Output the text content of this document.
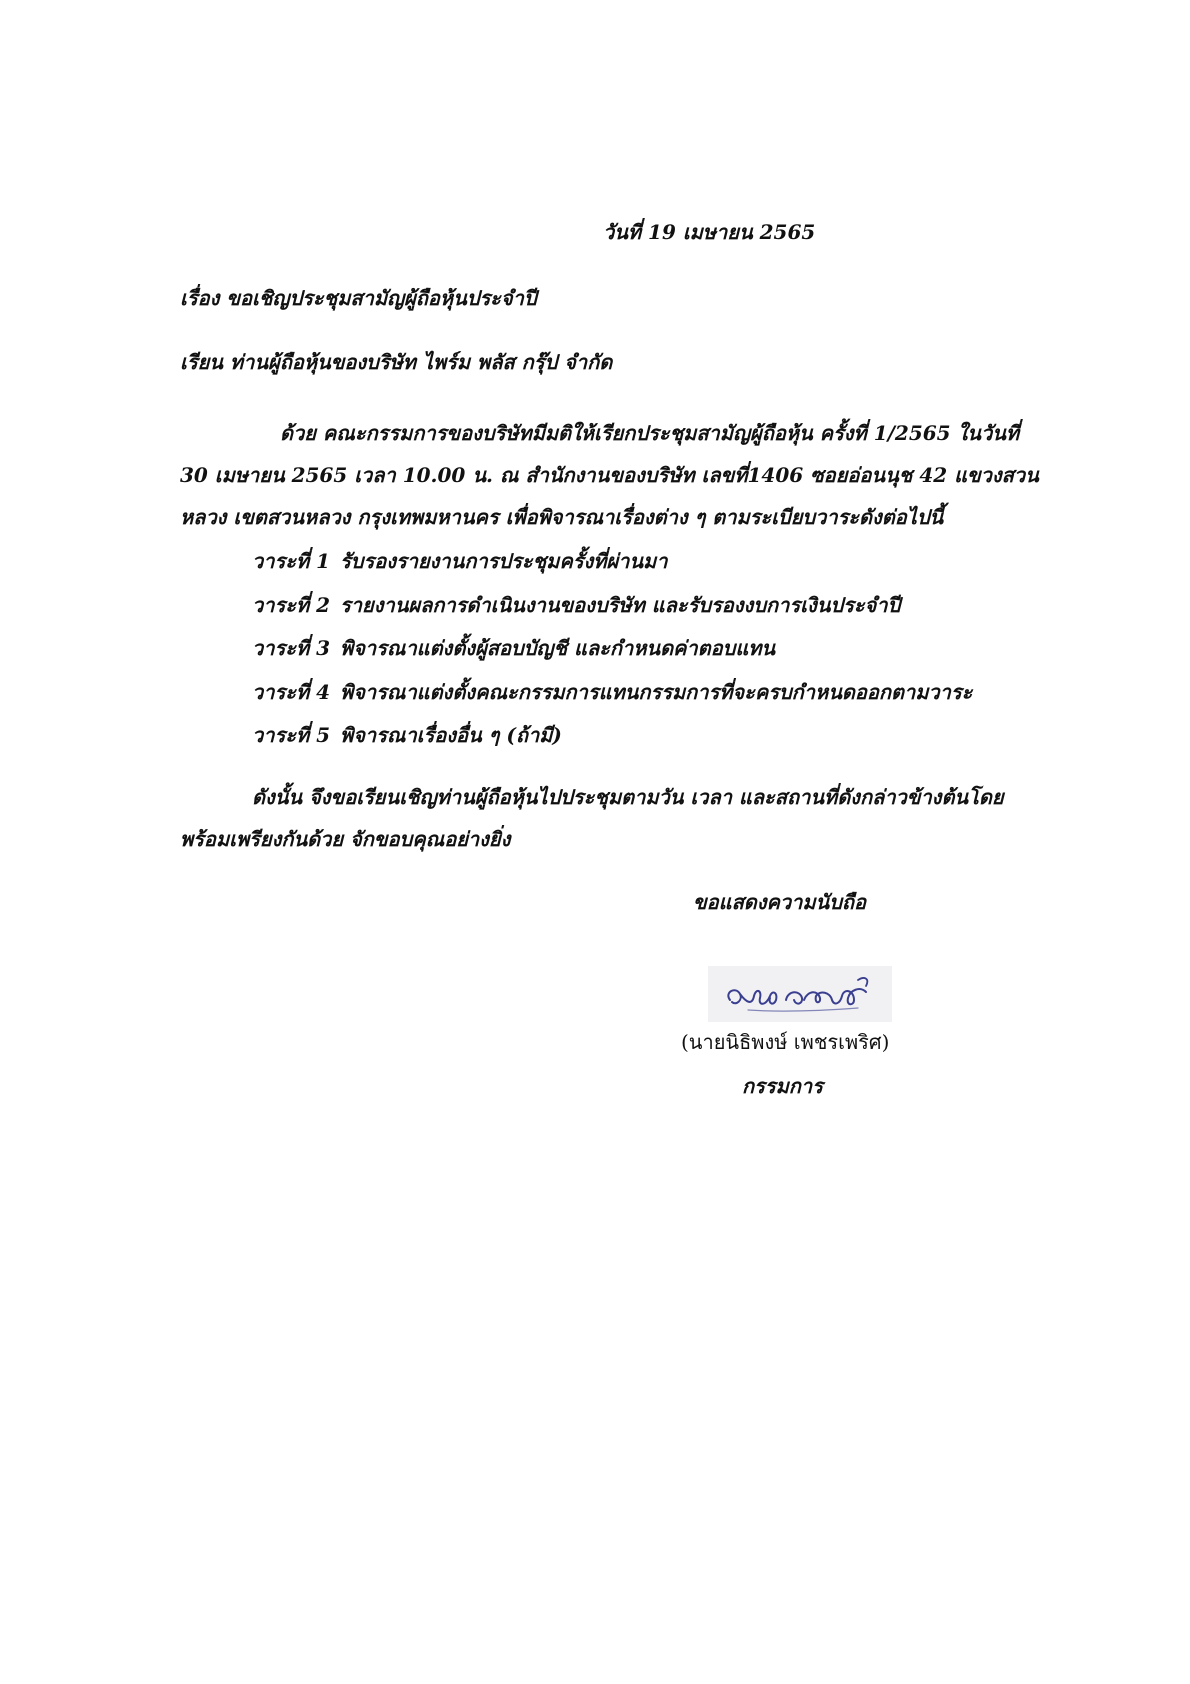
วันที่ 19 เมษายน 2565
เรื่อง ขอเชิญประชุมสามัญผู้ถือหุ้นประจำปี
เรียน ท่านผู้ถือหุ้นของบริษัท ไพร์ม พลัส กรุ๊ป จำกัด
ด้วย คณะกรรมการของบริษัทมีมติให้เรียกประชุมสามัญผู้ถือหุ้น ครั้งที่ 1/2565 ในวันที่
30 เมษายน 2565 เวลา 10.00 น. ณ สำนักงานของบริษัท เลขที่1406 ซอยอ่อนนุช 42 แขวงสวน
หลวง เขตสวนหลวง กรุงเทพมหานคร เพื่อพิจารณาเรื่องต่าง ๆ ตามระเบียบวาระดังต่อไปนี้
วาระที่ 1 รับรองรายงานการประชุมครั้งที่ผ่านมา
วาระที่ 2 รายงานผลการดำเนินงานของบริษัท และรับรองงบการเงินประจำปี
วาระที่ 3 พิจารณาแต่งตั้งผู้สอบบัญชี และกำหนดค่าตอบแทน
วาระที่ 4 พิจารณาแต่งตั้งคณะกรรมการแทนกรรมการที่จะครบกำหนดออกตามวาระ
วาระที่ 5 พิจารณาเรื่องอื่น ๆ (ถ้ามี)
ดังนั้น จึงขอเรียนเชิญท่านผู้ถือหุ้นไปประชุมตามวัน เวลา และสถานที่ดังกล่าวข้างต้นโดย
พร้อมเพรียงกันด้วย จักขอบคุณอย่างยิ่ง
ขอแสดงความนับถือ
(นายนิธิพงษ์ เพชรเพริศ)
กรรมการ
